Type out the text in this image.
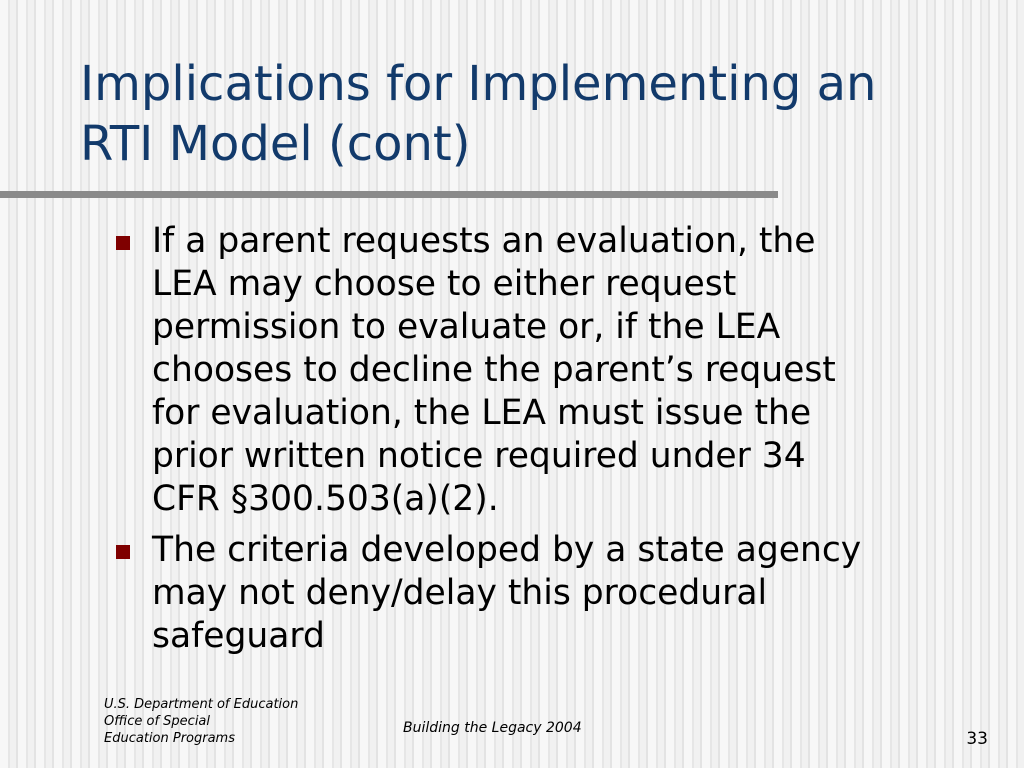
Implications for Implementing an
RTI Model (cont)
If a parent requests an evaluation, the
LEA may choose to either request
permission to evaluate or, if the LEA
chooses to decline the parent’s request
for evaluation, the LEA must issue the
prior written notice required under 34
CFR §300.503(a)(2).
The criteria developed by a state agency
may not deny/delay this procedural
safeguard
U.S. Department of Education
Office of Special
Education Programs
Building the Legacy 2004
33
